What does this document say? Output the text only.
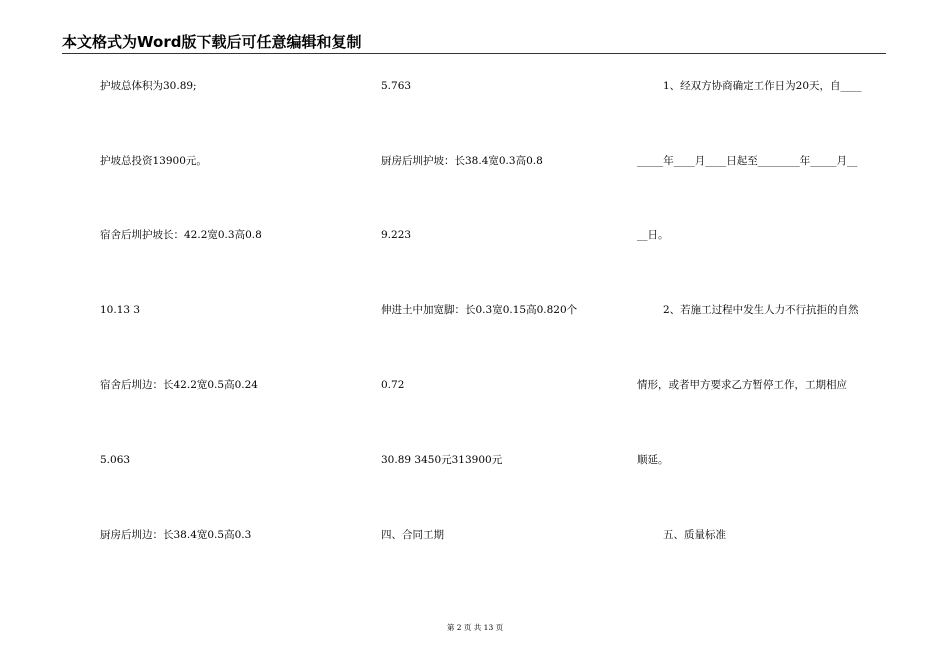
本文格式为Word版下载后可任意编辑和复制
护坡总体积为30.89;
护坡总投资13900元。
宿舍后圳护坡长：42.2宽0.3高0.8
10.13 3
宿舍后圳边：长42.2宽0.5高0.24
5.063
厨房后圳边：长38.4宽0.5高0.3
5.763
厨房后圳护坡：长38.4宽0.3高0.8
9.223
伸进土中加宽脚：长0.3宽0.15高0.820个
0.72
30.89 3450元313900元
四、合同工期
1、经双方协商确定工作日为20天，自____
_____年____月____日起至________年_____月__
__日。
2、若施工过程中发生人力不行抗拒的自然
情形，或者甲方要求乙方暂停工作，工期相应
顺延。
五、质量标准
第 2 页 共 13 页
